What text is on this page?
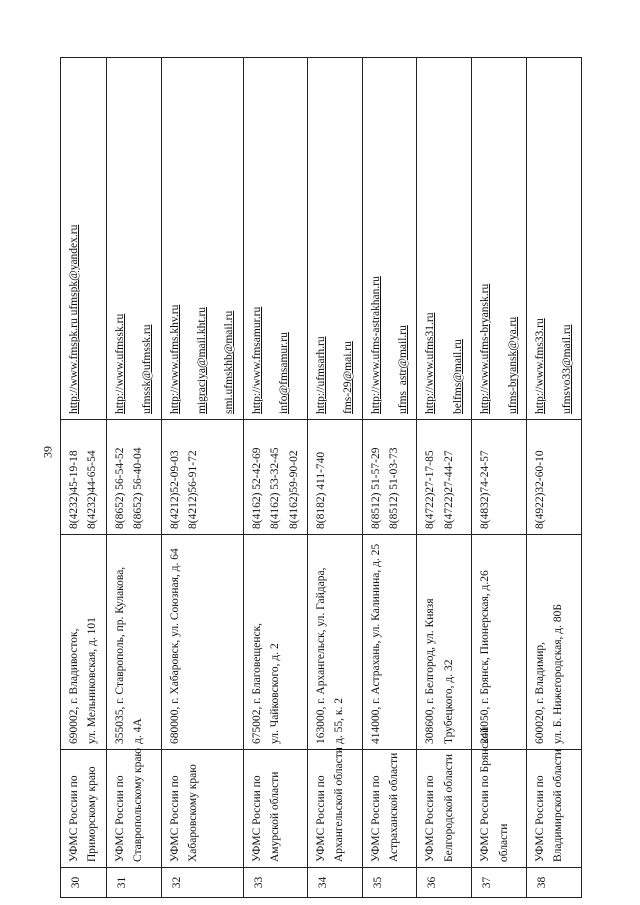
39
30	УФМС России по Приморскому краю	690002, г. Владивосток, ул. Мельниковская, д. 101	8(4232)45-19-18 8(4232)44-65-54	http://www.fmspk.ru ufmspk@yandex.ru

31	УФМС России по Ставропольскому краю	355035, г. Ставрополь, пр. Кулакова, д. 4А	8(8652) 56-54-52 8(8652) 56-40-04	http://www.ufmssk.ru ufmssk@ufmssk.ru

32	УФМС России по Хабаровскому краю	680000, г. Хабаровск, ул. Союзная, д. 64	8(4212)52-09-03 8(4212)56-91-72	http://www.ufms.khv.ru migraciya@mail.kht.ru smi.ufmskhb@mail.ru

33	УФМС России по Амурской области	675002, г. Благовещенск, ул. Чайковского, д. 2	8(4162) 52-42-69 8(4162) 53-32-45 8(4162)59-90-02	http://www.fmsamur.ru info@fmsamur.ru

34	УФМС России по Архангельской области	163000, г. Архангельск, ул. Гайдара, д. 55, к. 2	8(8182) 411-740	http://ufmsarh.ru fms-29@mai.ru

35	УФМС России по Астраханской области	414000, г. Астрахань, ул. Калинина, д. 25	8(8512) 51-57-29 8(8512) 51-03-73	http://www.ufms-astrakhan.ru ufms_astr@mail.ru

36	УФМС России по Белгородской области	308600, г. Белгород, ул. Князя Трубецкого, д. 32	8(4722)27-17-85 8(4722)27-44-27	http://www.ufms31.ru belfms@mail.ru

37	УФМС России по Брянской области	241050, г. Брянск, Пионерская, д.26	8(4832)74-24-57	http://www.ufms-bryansk.ru ufms-bryansk@ya.ru

38	УФМС России по Владимирской области	600020, г. Владимир, ул. Б. Нижегородская, д. 80Б	8(4922)32-60-10	http://www.fms33.ru ufmsvo33@mail.ru
